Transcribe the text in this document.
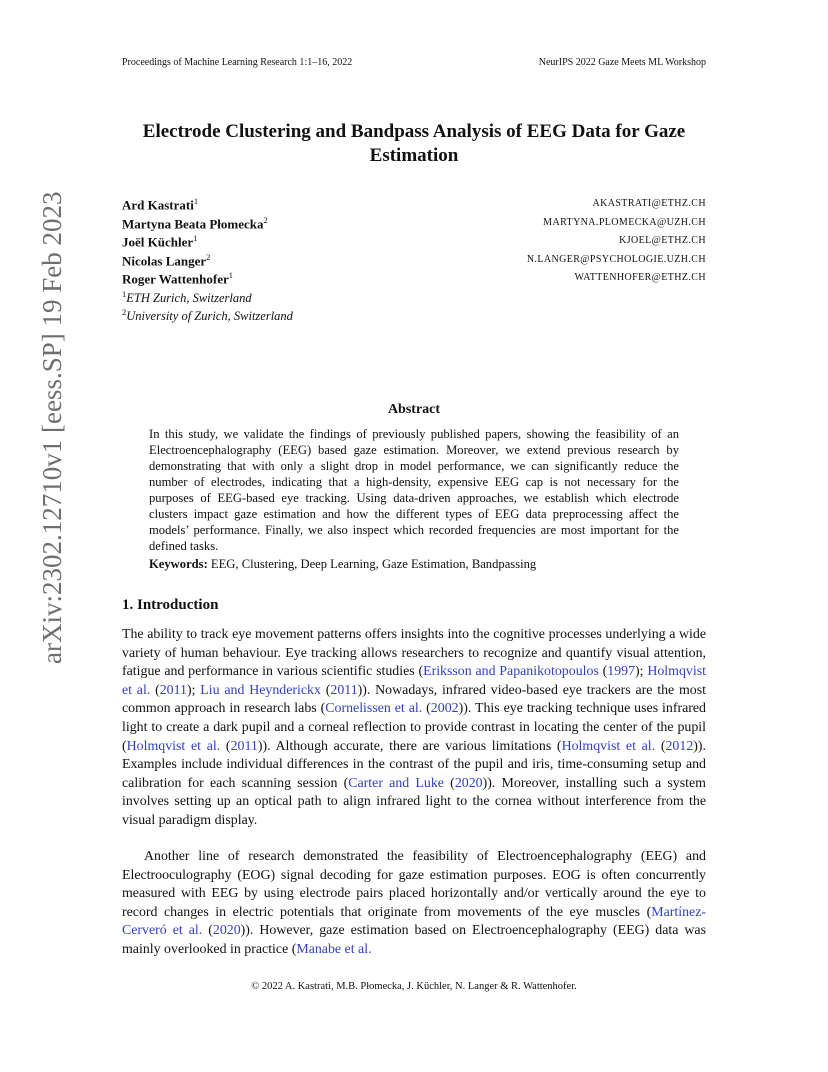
Proceedings of Machine Learning Research 1:1–16, 2022	NeurIPS 2022 Gaze Meets ML Workshop
arXiv:2302.12710v1 [eess.SP] 19 Feb 2023
Electrode Clustering and Bandpass Analysis of EEG Data for Gaze Estimation
Ard Kastrati$^1$	AKASTRATI@ETHZ.CH
Martyna Beata Płomecka$^2$	MARTYNA.PLOMECKA@UZH.CH
Joël Küchler$^1$	KJOEL@ETHZ.CH
Nicolas Langer$^2$	N.LANGER@PSYCHOLOGIE.UZH.CH
Roger Wattenhofer$^1$	WATTENHOFER@ETHZ.CH
$^1$ETH Zurich, Switzerland
$^2$University of Zurich, Switzerland
Abstract

In this study, we validate the findings of previously published papers, showing the feasibility of an Electroencephalography (EEG) based gaze estimation. Moreover, we extend previous research by demonstrating that with only a slight drop in model performance, we can significantly reduce the number of electrodes, indicating that a high-density, expensive EEG cap is not necessary for the purposes of EEG-based eye tracking. Using data-driven approaches, we establish which electrode clusters impact gaze estimation and how the different types of EEG data preprocessing affect the models’ performance. Finally, we also inspect which recorded frequencies are most important for the defined tasks.

Keywords: EEG, Clustering, Deep Learning, Gaze Estimation, Bandpassing
1. Introduction

The ability to track eye movement patterns offers insights into the cognitive processes underlying a wide variety of human behaviour. Eye tracking allows researchers to recognize and quantify visual attention, fatigue and performance in various scientific studies (Eriksson and Papanikotopoulos (1997); Holmqvist et al. (2011); Liu and Heynderickx (2011)). Nowadays, infrared video-based eye trackers are the most common approach in research labs (Cornelissen et al. (2002)). This eye tracking technique uses infrared light to create a dark pupil and a corneal reflection to provide contrast in locating the center of the pupil (Holmqvist et al. (2011)). Although accurate, there are various limitations (Holmqvist et al. (2012)). Examples include individual differences in the contrast of the pupil and iris, time-consuming setup and calibration for each scanning session (Carter and Luke (2020)). Moreover, installing such a system involves setting up an optical path to align infrared light to the cornea without interference from the visual paradigm display.

Another line of research demonstrated the feasibility of Electroencephalography (EEG) and Electrooculography (EOG) signal decoding for gaze estimation purposes. EOG is often concurrently measured with EEG by using electrode pairs placed horizontally and/or vertically around the eye to record changes in electric potentials that originate from movements of the eye muscles (Martínez-Cerveró et al. (2020)). However, gaze estimation based on Electroencephalography (EEG) data was mainly overlooked in practice (Manabe et al.

© 2022 A. Kastrati, M.B. Płomecka, J. Küchler, N. Langer & R. Wattenhofer.
